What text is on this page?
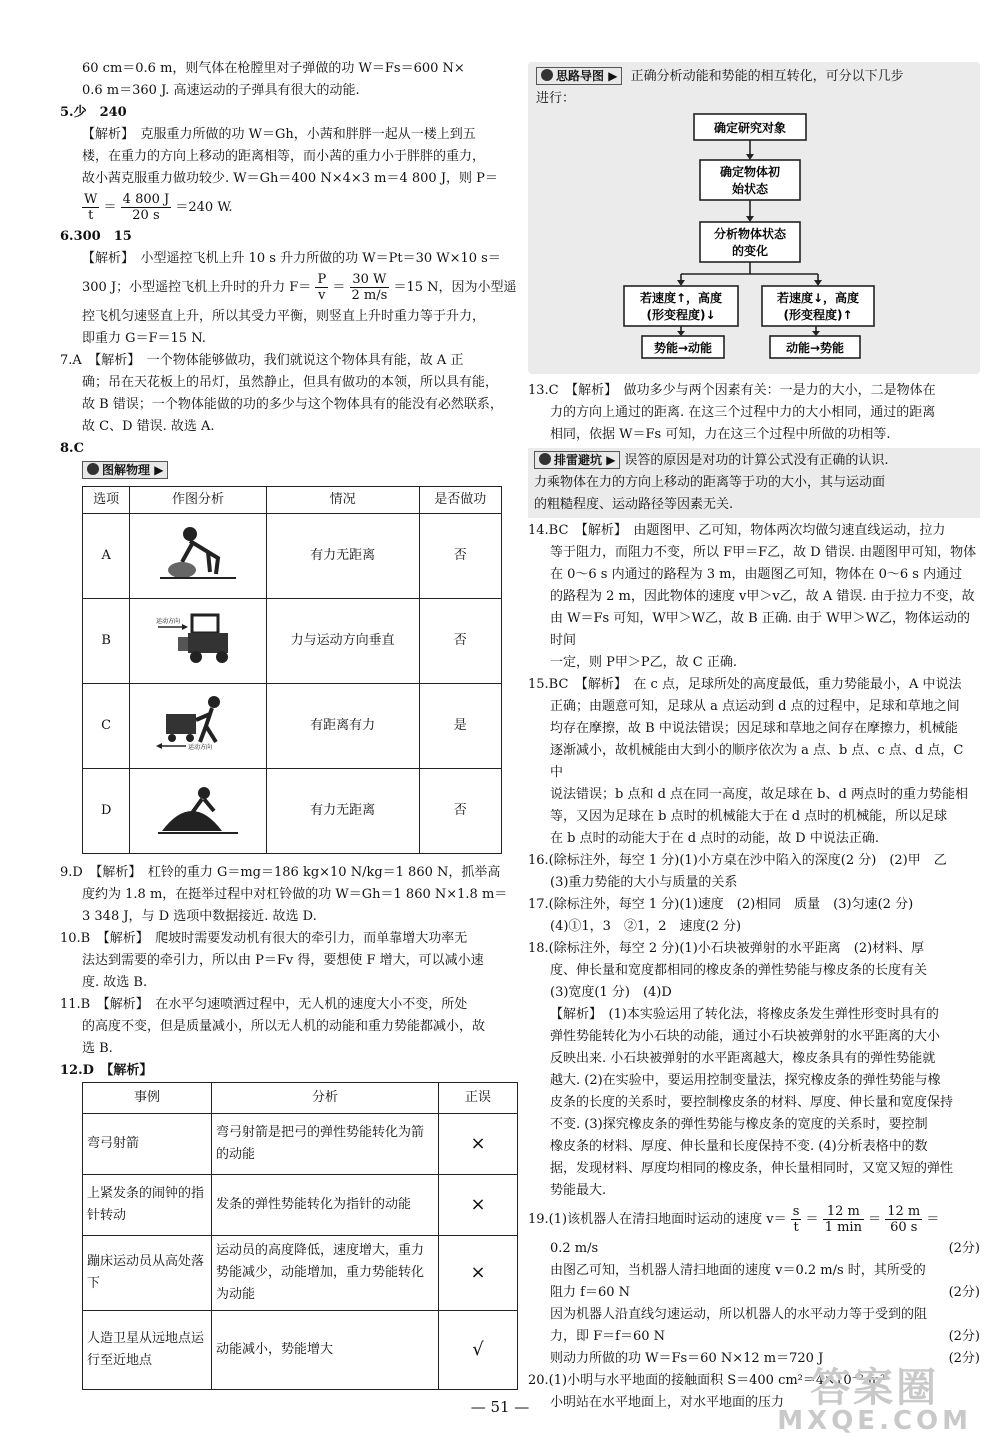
60 cm＝0.6 m，则气体在枪膛里对子弹做的功 W＝Fs＝600 N×

0.6 m＝360 J. 高速运动的子弹具有很大的动能.

5.少　240

【解析】　克服重力所做的功 W＝Gh，小茜和胖胖一起从一楼上到五

楼，在重力的方向上移动的距离相等，而小茜的重力小于胖胖的重力，

故小茜克服重力做功较少. W＝Gh＝400 N×4×3 m＝4 800 J，则 P＝

$\frac{W}{t} = \frac{4 800 J}{20 s} =240$ W.

6.300　15

【解析】　小型遥控飞机上升 10 s 升力所做的功 W＝Pt＝30 W×10 s＝

300 J；小型遥控飞机上升时的升力 $F= \frac{P}{v} = \frac{30 W}{2 m/s} =15$ N，因为小型遥

控飞机匀速竖直上升，所以其受力平衡，则竖直上升时重力等于升力，

即重力 G＝F＝15 N.

7.A　【解析】　一个物体能够做功，我们就说这个物体具有能，故 A 正

确；吊在天花板上的吊灯，虽然静止，但具有做功的本领，所以具有能，

故 B 错误；一个物体能做的功的多少与这个物体具有的能没有必然联系，

故 C、D 错误. 故选 A.

8.C

图解物理 ▶
选项	作图分析	情况	是否做功
A		有力无距离	否
B	运动方向	力与运动方向垂直	否
C	运动方向	有距离有力	是
D		有力无距离	否

9.D　【解析】　杠铃的重力 G＝mg＝186 kg×10 N/kg＝1 860 N，抓举高

度约为 1.8 m，在挺举过程中对杠铃做的功 W＝Gh＝1 860 N×1.8 m＝

3 348 J，与 D 选项中数据接近. 故选 D.

10.B　【解析】　爬坡时需要发动机有很大的牵引力，而单靠增大功率无

法达到需要的牵引力，所以由 P＝Fv 得，要想使 F 增大，可以减小速

度. 故选 B.

11.B　【解析】　在水平匀速喷洒过程中，无人机的速度大小不变，所处

的高度不变，但是质量减小，所以无人机的动能和重力势能都减小，故

选 B.

12.D　【解析】

事例	分析	正误
弯弓射箭	弯弓射箭是把弓的弹性势能转化为箭的动能	×
上紧发条的闹钟的指针转动	发条的弹性势能转化为指针的动能	×
蹦床运动员从高处落下	运动员的高度降低，速度增大，重力势能减少，动能增加，重力势能转化为动能	×
人造卫星从远地点运行至近地点	动能减小，势能增大	√

思路导图 ▶ 正确分析动能和势能的相互转化，可分以下几步

进行：

确定研究对象
确定物体初
始状态
分析物体状态
的变化
若速度↑，高度
(形变程度)↓
若速度↓，高度
(形变程度)↑
势能→动能	动能→势能

13.C　【解析】　做功多少与两个因素有关：一是力的大小，二是物体在

力的方向上通过的距离. 在这三个过程中力的大小相同，通过的距离

相同，依据 W＝Fs 可知，力在这三个过程中所做的功相等.

排雷避坑 ▶ 误答的原因是对功的计算公式没有正确的认识.

力乘物体在力的方向上移动的距离等于功的大小，其与运动面

的粗糙程度、运动路径等因素无关.

14.BC　【解析】　由题图甲、乙可知，物体两次均做匀速直线运动，拉力

等于阻力，而阻力不变，所以 F甲＝F乙，故 D 错误. 由题图甲可知，物体

在 0～6 s 内通过的路程为 3 m，由题图乙可知，物体在 0～6 s 内通过

的路程为 2 m，因此物体的速度 v甲＞v乙，故 A 错误. 由于拉力不变，故

由 W＝Fs 可知，W甲＞W乙，故 B 正确. 由于 W甲＞W乙，物体运动的时间

一定，则 P甲＞P乙，故 C 正确.

15.BC　【解析】　在 c 点，足球所处的高度最低，重力势能最小，A 中说法

正确；由题意可知，足球从 a 点运动到 d 点的过程中，足球和草地之间

均存在摩擦，故 B 中说法错误；因足球和草地之间存在摩擦力，机械能

逐渐减小，故机械能由大到小的顺序依次为 a 点、b 点、c 点、d 点，C 中

说法错误；b 点和 d 点在同一高度，故足球在 b、d 两点时的重力势能相

等，又因为足球在 b 点时的机械能大于在 d 点时的机械能，所以足球

在 b 点时的动能大于在 d 点时的动能，故 D 中说法正确.

16.(除标注外，每空 1 分)(1)小方桌在沙中陷入的深度(2 分)　(2)甲　乙

(3)重力势能的大小与质量的关系

17.(除标注外，每空 1 分)(1)速度　(2)相同　质量　(3)匀速(2 分)

(4)①1，3　②1，2　速度(2 分)

18.(除标注外，每空 2 分)(1)小石块被弹射的水平距离　(2)材料、厚

度、伸长量和宽度都相同的橡皮条的弹性势能与橡皮条的长度有关

(3)宽度(1 分)　(4)D

【解析】　(1)本实验运用了转化法，将橡皮条发生弹性形变时具有的

弹性势能转化为小石块的动能，通过小石块被弹射的水平距离的大小

反映出来. 小石块被弹射的水平距离越大，橡皮条具有的弹性势能就

越大. (2)在实验中，要运用控制变量法，探究橡皮条的弹性势能与橡

皮条的长度的关系时，要控制橡皮条的材料、厚度、伸长量和宽度保持

不变. (3)探究橡皮条的弹性势能与橡皮条的宽度的关系时，要控制

橡皮条的材料、厚度、伸长量和长度保持不变. (4)分析表格中的数

据，发现材料、厚度均相同的橡皮条，伸长量相同时，又宽又短的弹性

势能最大.

19.(1)该机器人在清扫地面时运动的速度 $v= \frac{s}{t} = \frac{12 m}{1 \min} = \frac{12 m}{60 s}$ ＝

0.2 m/s	(2分)

由图乙可知，当机器人清扫地面的速度 v＝0.2 m/s 时，其所受的

阻力 f＝60 N	(2分)

因为机器人沿直线匀速运动，所以机器人的水平动力等于受到的阻

力，即 F＝f＝60 N	(2分)

则动力所做的功 W＝Fs＝60 N×12 m＝720 J	(2分)

20.(1)小明与水平地面的接触面积 S＝400 cm²＝4×10⁻² m²

小明站在水平地面上，对水平地面的压力

— 51 —	答案圈
MXQE.COM
